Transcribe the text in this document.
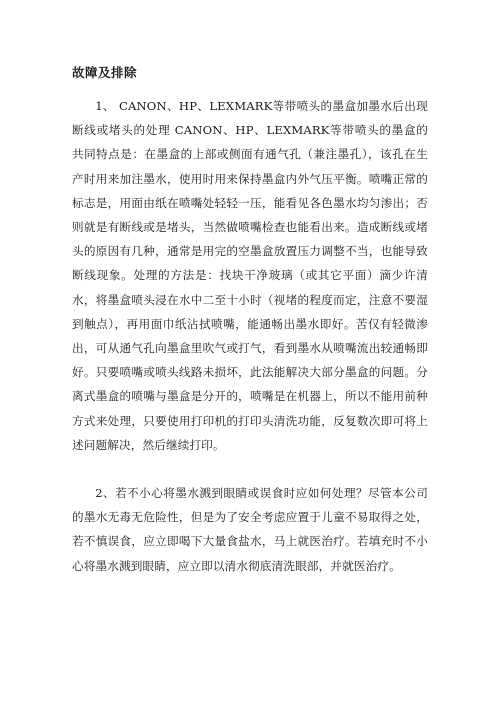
故障及排除

1、 CANON、HP、LEXMARK等带喷头的墨盒加墨水后出现断线或堵头的处理 CANON、HP、LEXMARK等带喷头的墨盒的共同特点是：在墨盒的上部或侧面有通气孔（兼注墨孔），该孔在生产时用来加注墨水，使用时用来保持墨盒内外气压平衡。喷嘴正常的标志是，用面由纸在喷嘴处轻轻一压，能看见各色墨水均匀渗出；否则就是有断线或是堵头，当然做喷嘴检查也能看出来。造成断线或堵头的原因有几种，通常是用完的空墨盒放置压力调整不当，也能导致断线现象。处理的方法是：找块干净玻璃（或其它平面）滴少许清水，将墨盒喷头浸在水中二至十小时（视堵的程度而定，注意不要湿到触点），再用面巾纸沾拭喷嘴，能通畅出墨水即好。苦仅有轻微渗出，可从通气孔向墨盒里吹气或打气，看到墨水从喷嘴流出较通畅即好。只要喷嘴或喷头线路未损坏，此法能解决大部分墨盒的问题。分离式墨盒的喷嘴与墨盒是分开的，喷嘴是在机器上，所以不能用前种方式来处理，只要使用打印机的打印头清洗功能，反复数次即可将上述问题解决，然后继续打印。

2、若不小心将墨水溅到眼睛或误食时应如何处理？尽管本公司的墨水无毒无危险性，但是为了安全考虑应置于儿童不易取得之处，若不慎误食，应立即喝下大量食盐水，马上就医治疗。若填充时不小心将墨水溅到眼睛，应立即以清水彻底清洗眼部，并就医治疗。
